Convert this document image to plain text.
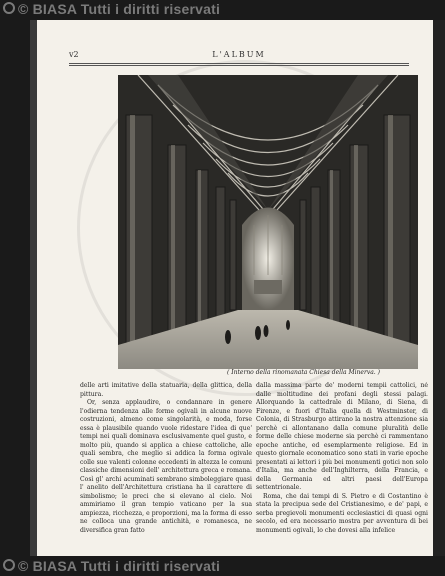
© BIASA Tutti i diritti riservati
v2	L'ALBUM
( Interno della rinomanata Chiesa della Minerva. )

delle arti imitative della statuaria, della glittica, della pittura.

Or, senza applaudire, o condannare in genere l'odierna tendenza alle forme ogivali in alcune nuove costruzioni, almeno come singolarità, e moda, forse essa è plausibile quando vuole ridestare l'idea di que' tempi nei quali dominava esclusivamente quel gusto, e molto più, quando si applica a chiese cattoliche, alle quali sembra, che meglio si addica la forma ogivale colle sue valenti colonne eccedenti in altezza le comuni classiche dimensioni dell' architettura greca e romana. Così gl' archi acuminati sembrano simboleggiare quasi l' anelito dell'Architettura cristiana ha il carattere di simbolismo; le preci che si elevano al cielo. Noi ammiriamo il gran tempio vaticano per la sua ampiezza, ricchezza, e proporzioni, ma la forma di esso ne colloca una grande antichità, e romanesca, ne diversifica gran fatto

dalla massima parte de' moderni tempii cattolici, né dalle moltitudine dei profani degli stessi palagi. Allorquando la cattedrale di Milano, di Siena, di Firenze, e fuori d'Italia quella di Westminster, di Colonia, di Strasburgo attirano la nostra attenzione sia perchè ci allontanano dalla comune pluralità delle forme delle chiese moderne sia perchè ci rammentano epoche antiche, ed esemplarmente religiose. Ed in questo giornale economatico sono stati in varie epoche presentati ai lettori i più bei monumenti gotici non solo d'Italia, ma anche dell'Inghilterra, della Francia, e della Germania ed altri paesi dell'Europa settentrionale.

Roma, che dai tempi di S. Pietro e di Costantino è stata la precipua sede del Cristianesimo, e de' papi, e serba pregievoli monumenti ecclesiastici di quasi ogni secolo, ed era necessario mostra per avventura di bei monumenti ogivali, lo che dovesi alla infelice

© BIASA Tutti i diritti riservati
